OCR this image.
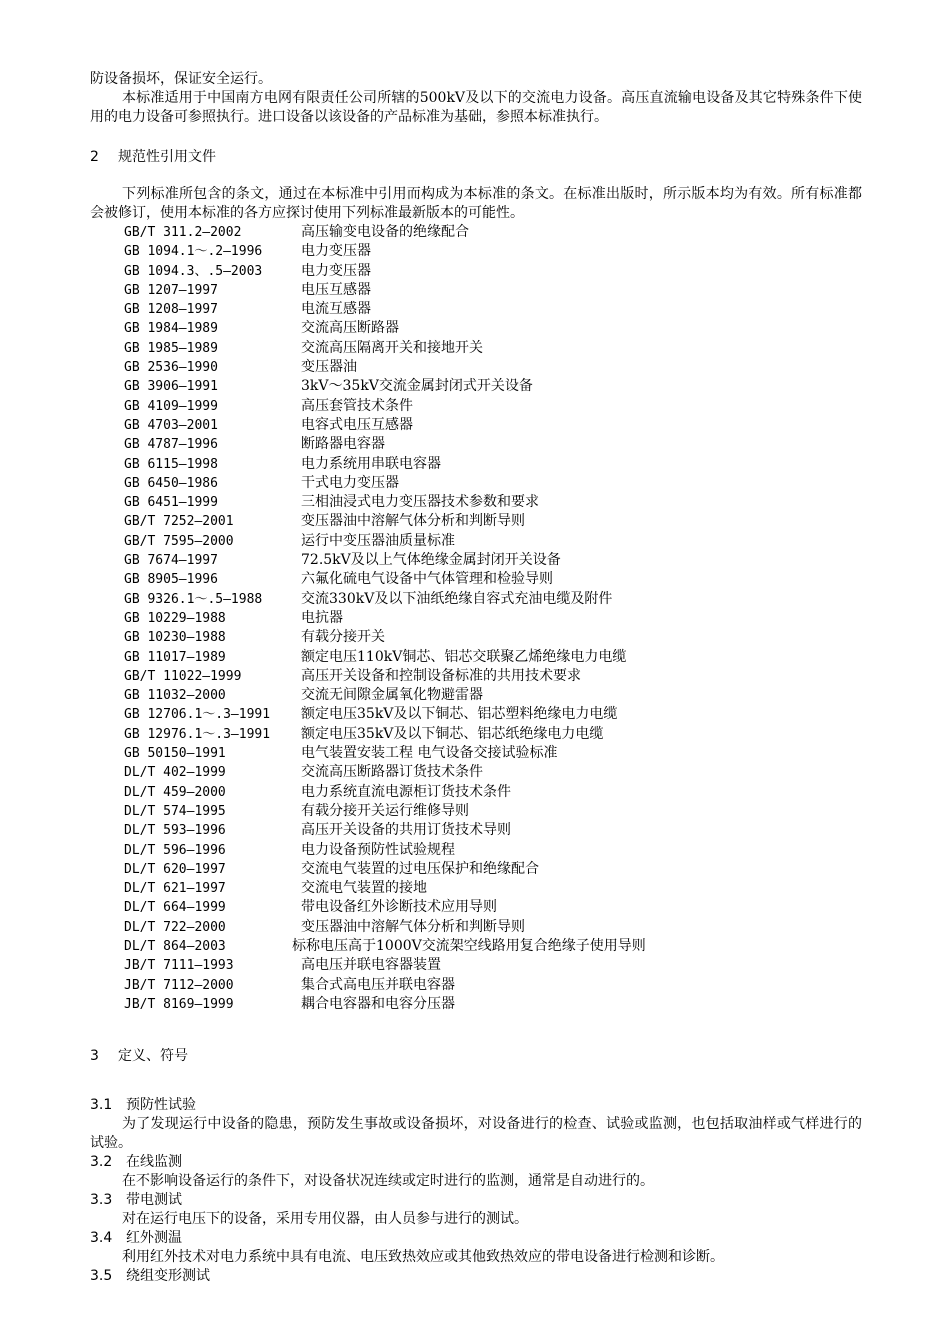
防设备损坏，保证安全运行。
本标准适用于中国南方电网有限责任公司所辖的500kV及以下的交流电力设备。高压直流输电设备及其它特殊条件下使用的电力设备可参照执行。进口设备以该设备的产品标准为基础，参照本标准执行。
2 规范性引用文件
下列标准所包含的条文，通过在本标准中引用而构成为本标准的条文。在标准出版时，所示版本均为有效。所有标准都会被修订，使用本标准的各方应探讨使用下列标准最新版本的可能性。
GB/T 311.2—2002	高压输变电设备的绝缘配合
GB 1094.1～.2—1996	电力变压器
GB 1094.3、.5—2003	电力变压器
GB 1207—1997	电压互感器
GB 1208—1997	电流互感器
GB 1984—1989	交流高压断路器
GB 1985—1989	交流高压隔离开关和接地开关
GB 2536—1990	变压器油
GB 3906—1991	3kV～35kV交流金属封闭式开关设备
GB 4109—1999	高压套管技术条件
GB 4703—2001	电容式电压互感器
GB 4787—1996	断路器电容器
GB 6115—1998	电力系统用串联电容器
GB 6450—1986	干式电力变压器
GB 6451—1999	三相油浸式电力变压器技术参数和要求
GB/T 7252—2001	变压器油中溶解气体分析和判断导则
GB/T 7595—2000	运行中变压器油质量标准
GB 7674—1997	72.5kV及以上气体绝缘金属封闭开关设备
GB 8905—1996	六氟化硫电气设备中气体管理和检验导则
GB 9326.1～.5—1988	交流330kV及以下油纸绝缘自容式充油电缆及附件
GB 10229—1988	电抗器
GB 10230—1988	有载分接开关
GB 11017—1989	额定电压110kV铜芯、铝芯交联聚乙烯绝缘电力电缆
GB/T 11022—1999	高压开关设备和控制设备标准的共用技术要求
GB 11032—2000	交流无间隙金属氧化物避雷器
GB 12706.1～.3—1991 额定电压35kV及以下铜芯、铝芯塑料绝缘电力电缆
GB 12976.1～.3—1991 额定电压35kV及以下铜芯、铝芯纸绝缘电力电缆
GB 50150—1991	电气装置安装工程 电气设备交接试验标准
DL/T 402—1999	交流高压断路器订货技术条件
DL/T 459—2000	电力系统直流电源柜订货技术条件
DL/T 574—1995	有载分接开关运行维修导则
DL/T 593—1996	高压开关设备的共用订货技术导则
DL/T 596—1996	电力设备预防性试验规程
DL/T 620—1997	交流电气装置的过电压保护和绝缘配合
DL/T 621—1997	交流电气装置的接地
DL/T 664—1999	带电设备红外诊断技术应用导则
DL/T 722—2000	变压器油中溶解气体分析和判断导则
DL/T 864—2003	标称电压高于1000V交流架空线路用复合绝缘子使用导则
JB/T 7111—1993	高电压并联电容器装置
JB/T 7112—2000	集合式高电压并联电容器
JB/T 8169—1999	耦合电容器和电容分压器
3 定义、符号
3.1 预防性试验
为了发现运行中设备的隐患，预防发生事故或设备损坏，对设备进行的检查、试验或监测，也包括取油样或气样进行的试验。
3.2 在线监测
在不影响设备运行的条件下，对设备状况连续或定时进行的监测，通常是自动进行的。
3.3 带电测试
对在运行电压下的设备，采用专用仪器，由人员参与进行的测试。
3.4 红外测温
利用红外技术对电力系统中具有电流、电压致热效应或其他致热效应的带电设备进行检测和诊断。
3.5 绕组变形测试
